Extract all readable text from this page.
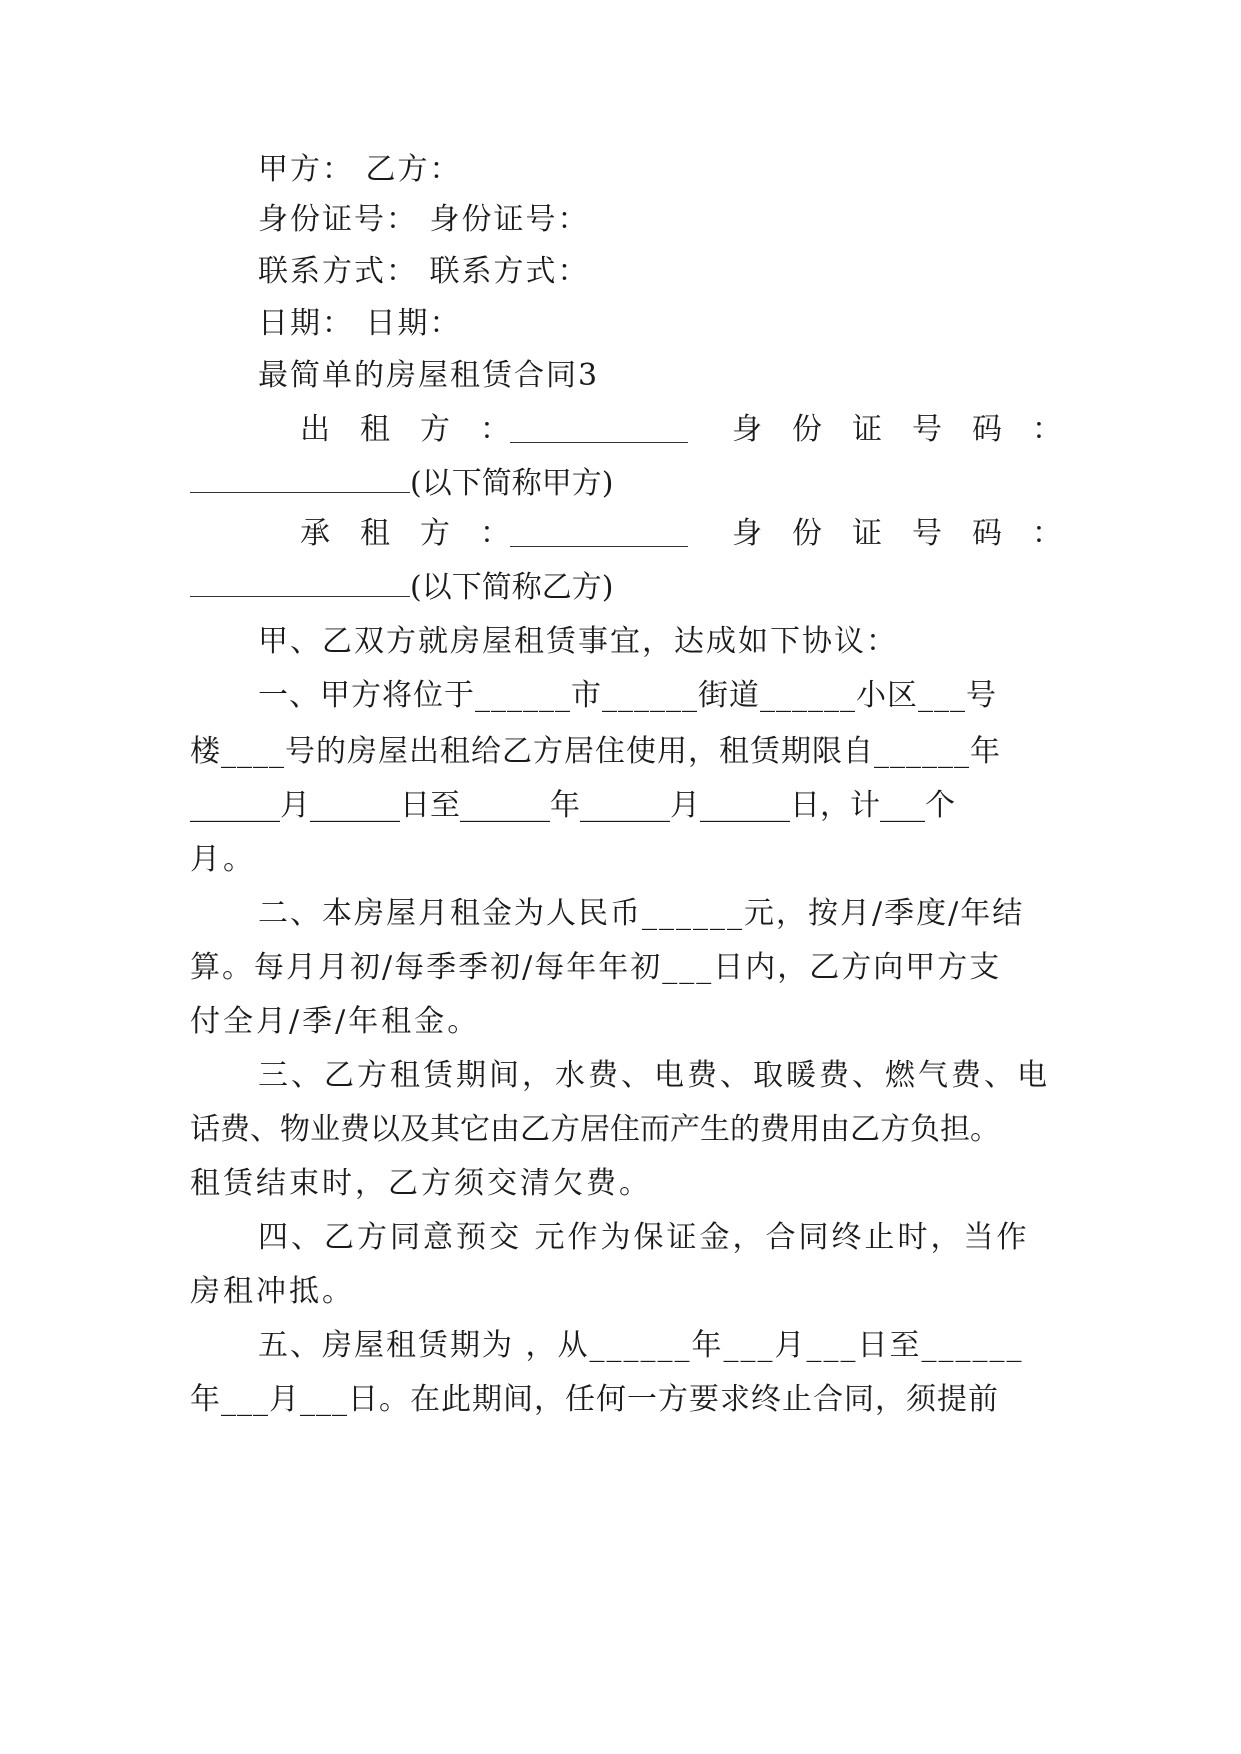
甲方： 乙方：
身份证号： 身份证号：
联系方式： 联系方式：
日期： 日期：
最简单的房屋租赁合同3
出 租 方 ：	身 份 证 号 码 ：
(以下简称甲方)
承 租 方 ：	身 份 证 号 码 ：
(以下简称乙方)
甲、乙双方就房屋租赁事宜，达成如下协议：
一、甲方将位于______市______街道______小区___号
楼____号的房屋出租给乙方居住使用，租赁期限自______年
______月______日至______年______月______日，计___个
月。
二、本房屋月租金为人民币______元，按月/季度/年结
算。每月月初/每季季初/每年年初___日内，乙方向甲方支
付全月/季/年租金。
三、乙方租赁期间，水费、电费、取暖费、燃气费、电
话费、物业费以及其它由乙方居住而产生的费用由乙方负担。
租赁结束时，乙方须交清欠费。
四、乙方同意预交 元作为保证金，合同终止时，当作
房租冲抵。
五、房屋租赁期为 ，从______年___月___日至______
年___月___日。在此期间，任何一方要求终止合同，须提前
